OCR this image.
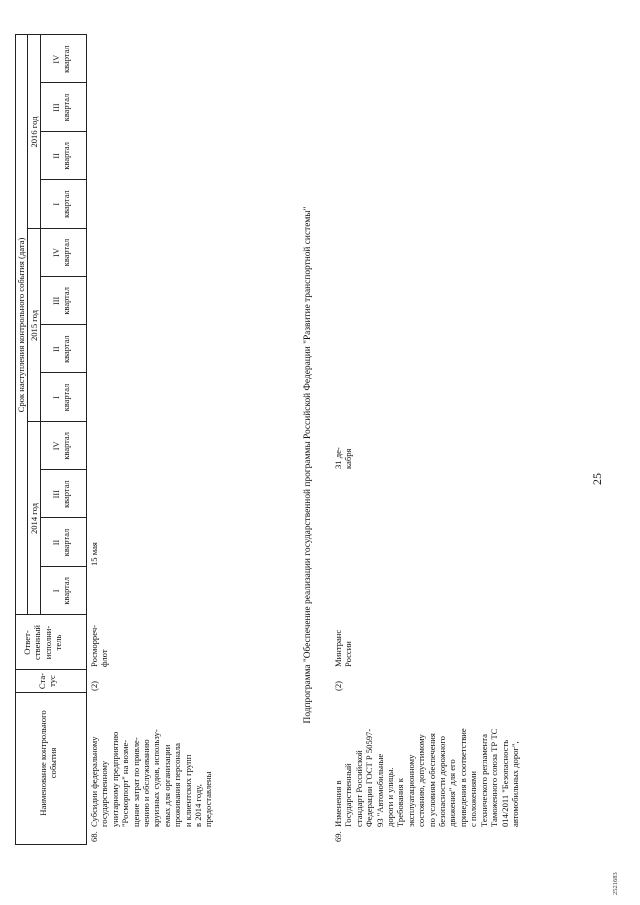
25
Наименование контрольного
события
Ста-
тус
Ответ-
ственный
исполни-
тель
Срок наступления контрольного события (дата)
2014 год
2015 год
2016 год
I квартал
II квартал
III квартал
IV квартал
I квартал
II квартал
III квартал
IV квартал
I квартал
II квартал
III квартал
IV квартал
68.
Субсидии федеральному
государственному
унитарному предприятию
"Росморпорт" на возме-
щение затрат по привле-
чению и обслуживанию
круизных судов, использу-
емых для организации
проживания персонала
и клиентских групп
в 2014 году,
предоставлены
(2)
Росморреч-
флот
15 мая	Подпрограмма "Обеспечение реализации государственной программы Российской Федерации "Развитие транспортной системы"
69.
Изменения в
Государственный
стандарт Российской
Федерации ГОСТ Р 50597-
93 "Автомобильные
дороги и улицы.
Требования к
эксплуатационному
состоянию, допустимому
по условиям обеспечения
безопасности дорожного
движения" для его
приведения в соответствие
с положениями
Технического регламента
Таможенного союза ТР ТС
014/2011 "Безопасность
автомобильных дорог",
(2)
Минтранс
России
31 де-
кабря
2521683
